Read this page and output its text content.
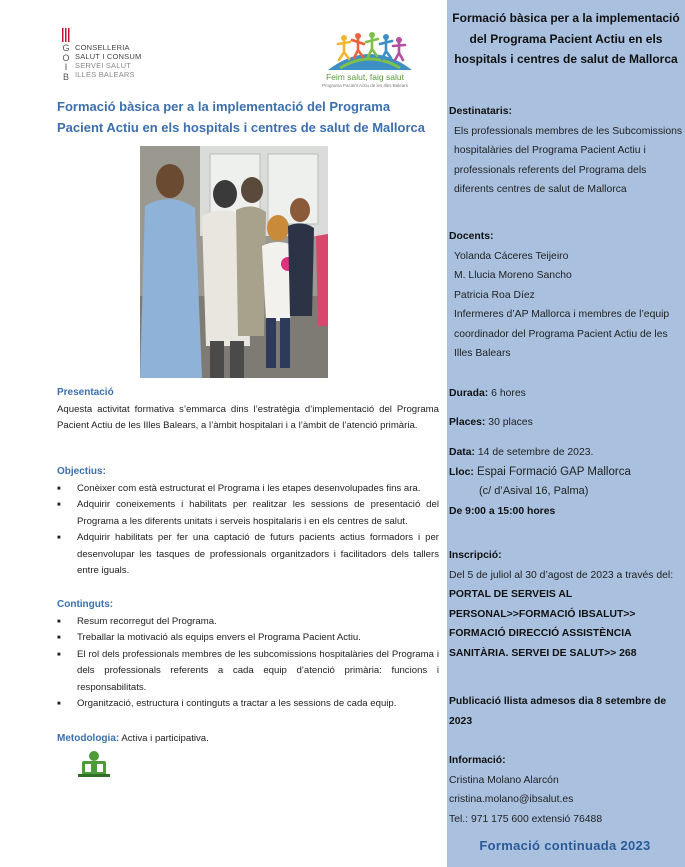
G
O
I
B
CONSELLERIA
SALUT I CONSUM
SERVEI SALUT
ILLES BALEARS	Feim salut, faig salut
Programa Pacient Actiu de les Illes Balears
Formació bàsica per a la implementació del Programa Pacient Actiu en els hospitals i centres de salut de Mallorca
Presentació
Aquesta activitat formativa s’emmarca dins l’estratègia d’implementació del Programa Pacient Actiu de les Illes Balears, a l’àmbit hospitalari i a l’àmbit de l’atenció primària.
Objectius:
■ Conèixer com està estructurat el Programa i les etapes desenvolupades fins ara.
■ Adquirir coneixements i habilitats per realitzar les sessions de presentació del Programa a les diferents unitats i serveis hospitalaris i en els centres de salut.
■ Adquirir habilitats per fer una captació de futurs pacients actius formadors i per desenvolupar les tasques de professionals organitzadors i facilitadors dels tallers entre iguals.
Continguts:
■ Resum recorregut del Programa.
■ Treballar la motivació als equips envers el Programa Pacient Actiu.
■ El rol dels professionals membres de les subcomissions hospitalàries del Programa i dels professionals referents a cada equip d’atenció primària: funcions i responsabilitats.
■ Organització, estructura i continguts a tractar a les sessions de cada equip.
Metodologia: Activa i participativa.
Formació bàsica per a la implementació del Programa Pacient Actiu en els hospitals i centres de salut de Mallorca
Destinataris:
Els professionals membres de les Subcomissions hospitalàries del Programa Pacient Actiu i professionals referents del Programa dels diferents centres de salut de Mallorca
Docents:
Yolanda Cáceres Teijeiro
M. Llucia Moreno Sancho
Patricia Roa Díez
Infermeres d’AP Mallorca i membres de l’equip coordinador del Programa Pacient Actiu de les Illes Balears
Durada: 6 hores
Places: 30 places
Data: 14 de setembre de 2023.
Lloc: Espai Formació GAP Mallorca
(c/ d’Asival 16, Palma)
De 9:00 a 15:00 hores
Inscripció:
Del 5 de juliol al 30 d’agost de 2023 a través del:
PORTAL DE SERVEIS AL PERSONAL>>FORMACIÓ IBSALUT>> FORMACIÓ DIRECCIÓ ASSISTÈNCIA SANITÀRIA. SERVEI DE SALUT>> 268
Publicació llista admesos dia 8 setembre de 2023
Informació:
Cristina Molano Alarcón
cristina.molano@ibsalut.es
Tel.: 971 175 600 extensió 76488
Formació continuada 2023
